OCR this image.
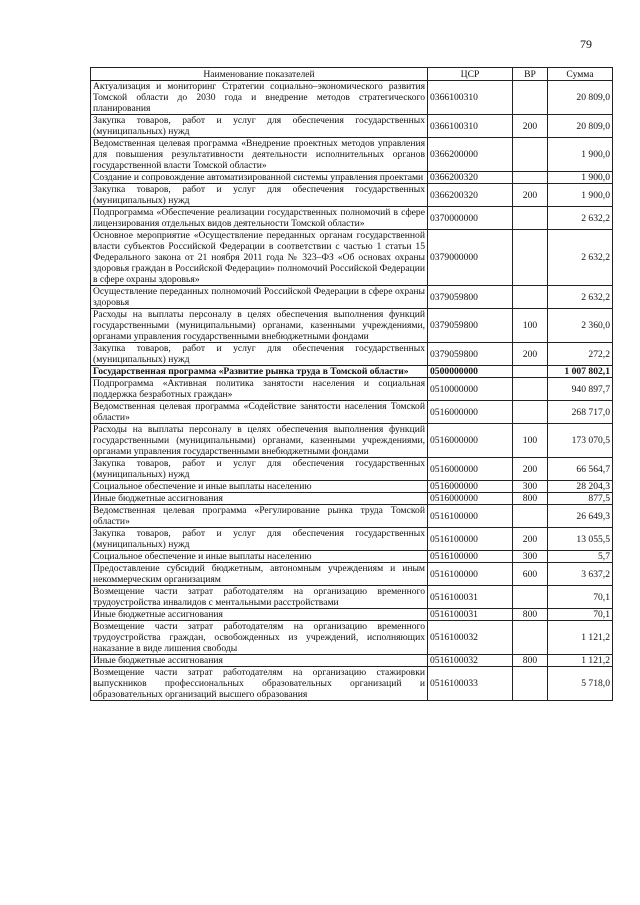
79
Наименование показателей	ЦСР	ВР	Сумма
Актуализация и мониторинг Стратегии социально–экономического развития Томской области до 2030 года и внедрение методов стратегического планирования	0366100310		20 809,0
Закупка товаров, работ и услуг для обеспечения государственных (муниципальных) нужд	0366100310	200	20 809,0
Ведомственная целевая программа «Внедрение проектных методов управления для повышения результативности деятельности исполнительных органов государственной власти Томской области»	0366200000		1 900,0
Создание и сопровождение автоматизированной системы управления проектами	0366200320		1 900,0
Закупка товаров, работ и услуг для обеспечения государственных (муниципальных) нужд	0366200320	200	1 900,0
Подпрограмма «Обеспечение реализации государственных полномочий в сфере лицензирования отдельных видов деятельности Томской области»	0370000000		2 632,2
Основное мероприятие «Осуществление переданных органам государственной власти субъектов Российской Федерации в соответствии с частью 1 статьи 15 Федерального закона от 21 ноября 2011 года № 323–ФЗ «Об основах охраны здоровья граждан в Российской Федерации» полномочий Российской Федерации в сфере охраны здоровья»	0379000000		2 632,2
Осуществление переданных полномочий Российской Федерации в сфере охраны здоровья	0379059800		2 632,2
Расходы на выплаты персоналу в целях обеспечения выполнения функций государственными (муниципальными) органами, казенными учреждениями, органами управления государственными внебюджетными фондами	0379059800	100	2 360,0
Закупка товаров, работ и услуг для обеспечения государственных (муниципальных) нужд	0379059800	200	272,2
Государственная программа «Развитие рынка труда в Томской области»	0500000000		1 007 802,1
Подпрограмма «Активная политика занятости населения и социальная поддержка безработных граждан»	0510000000		940 897,7
Ведомственная целевая программа «Содействие занятости населения Томской области»	0516000000		268 717,0
Расходы на выплаты персоналу в целях обеспечения выполнения функций государственными (муниципальными) органами, казенными учреждениями, органами управления государственными внебюджетными фондами	0516000000	100	173 070,5
Закупка товаров, работ и услуг для обеспечения государственных (муниципальных) нужд	0516000000	200	66 564,7
Социальное обеспечение и иные выплаты населению	0516000000	300	28 204,3
Иные бюджетные ассигнования	0516000000	800	877,5
Ведомственная целевая программа «Регулирование рынка труда Томской области»	0516100000		26 649,3
Закупка товаров, работ и услуг для обеспечения государственных (муниципальных) нужд	0516100000	200	13 055,5
Социальное обеспечение и иные выплаты населению	0516100000	300	5,7
Предоставление субсидий бюджетным, автономным учреждениям и иным некоммерческим организациям	0516100000	600	3 637,2
Возмещение части затрат работодателям на организацию временного трудоустройства инвалидов с ментальными расстройствами	0516100031		70,1
Иные бюджетные ассигнования	0516100031	800	70,1
Возмещение части затрат работодателям на организацию временного трудоустройства граждан, освобожденных из учреждений, исполняющих наказание в виде лишения свободы	0516100032		1 121,2
Иные бюджетные ассигнования	0516100032	800	1 121,2
Возмещение части затрат работодателям на организацию стажировки выпускников профессиональных образовательных организаций и образовательных организаций высшего образования	0516100033		5 718,0
